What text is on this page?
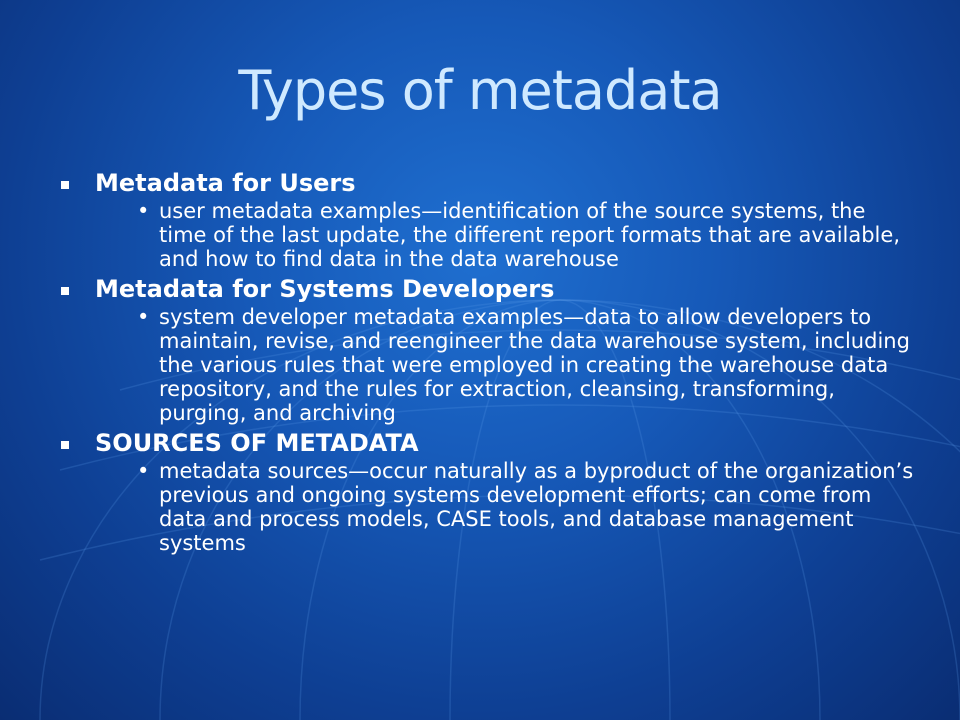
Types of metadata
Metadata for Users
• user metadata examples—identification of the source systems, the time of the last update, the different report formats that are available, and how to find data in the data warehouse
Metadata for Systems Developers
• system developer metadata examples—data to allow developers to maintain, revise, and reengineer the data warehouse system, including the various rules that were employed in creating the warehouse data repository, and the rules for extraction, cleansing, transforming, purging, and archiving
SOURCES OF METADATA
• metadata sources—occur naturally as a byproduct of the organization’s previous and ongoing systems development efforts; can come from data and process models, CASE tools, and database management systems
